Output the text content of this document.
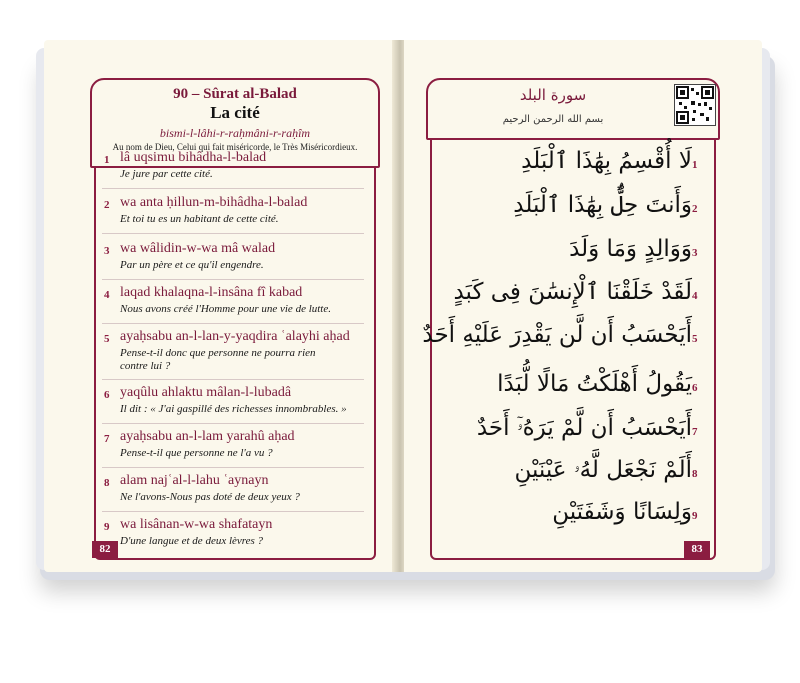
90 – Sûrat al-Balad
La cité
bismi-l-lâhi-r-raḥmâni-r-raḥîm
Au nom de Dieu, Celui qui fait miséricorde, le Très Miséricordieux.
1 lâ uqsimu bihâdha-l-balad
Je jure par cette cité.
2 wa anta ḥillun-m-bihâdha-l-balad
Et toi tu es un habitant de cette cité.
3 wa wâlidin-w-wa mâ walad
Par un père et ce qu'il engendre.
4 laqad khalaqna-l-insâna fî kabad
Nous avons créé l'Homme pour une vie de lutte.
5 ayaḥsabu an-l-lan-y-yaqdira ʿalayhi aḥad
Pense-t-il donc que personne ne pourra rien
contre lui ?
6 yaqûlu ahlaktu mâlan-l-lubadâ
Il dit : « J'ai gaspillé des richesses innombrables. »
7 ayaḥsabu an-l-lam yarahû aḥad
Pense-t-il que personne ne l'a vu ?
8 alam najʿal-l-lahu ʿaynayn
Ne l'avons-Nous pas doté de deux yeux ?
9 wa lisânan-w-wa shafatayn
D'une langue et de deux lèvres ?
82
سورة البلد
بسم الله الرحمن الرحيم
1
لَا أُقْسِمُ بِهَٰذَا ٱلْبَلَدِ
2
وَأَنتَ حِلٌّۢ بِهَٰذَا ٱلْبَلَدِ
3
وَوَالِدٍ وَمَا وَلَدَ
4
لَقَدْ خَلَقْنَا ٱلْإِنسَٰنَ فِى كَبَدٍ
5
أَيَحْسَبُ أَن لَّن يَقْدِرَ عَلَيْهِ أَحَدٌ
6
يَقُولُ أَهْلَكْتُ مَالًا لُّبَدًا
7
أَيَحْسَبُ أَن لَّمْ يَرَهُۥٓ أَحَدٌ
8
أَلَمْ نَجْعَل لَّهُۥ عَيْنَيْنِ
9
وَلِسَانًا وَشَفَتَيْنِ
83
